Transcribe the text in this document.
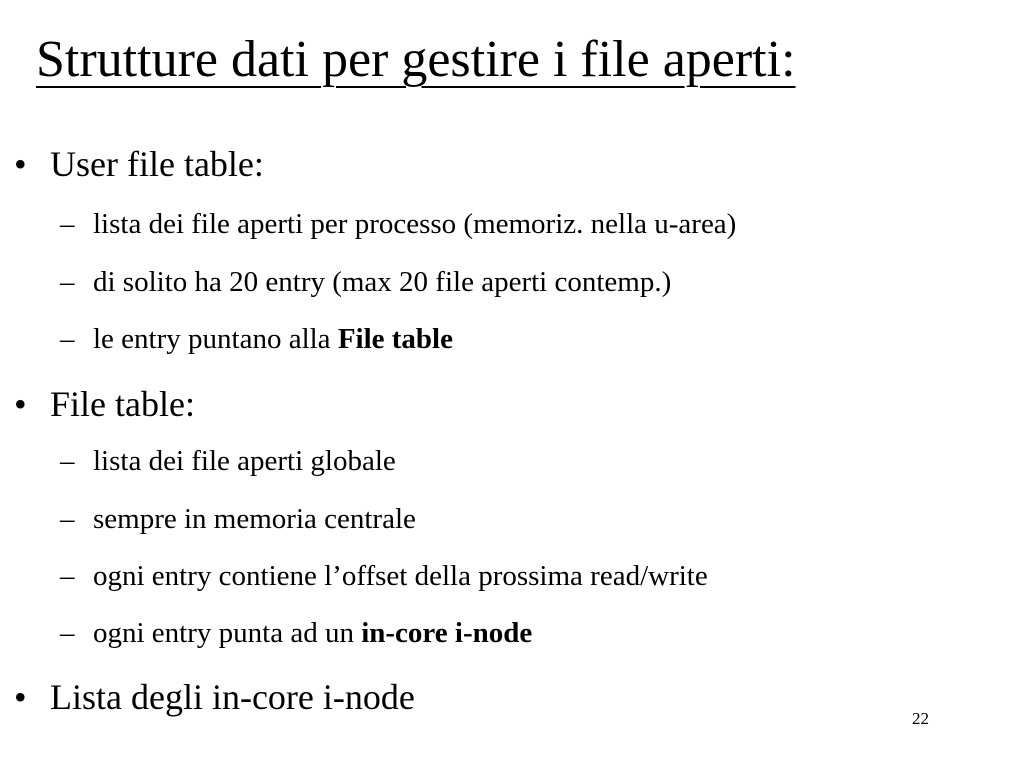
Strutture dati per gestire i file aperti:
• User file table:
– lista dei file aperti per processo (memoriz. nella u-area)
– di solito ha 20 entry (max 20 file aperti contemp.)
– le entry puntano alla File table
• File table:
– lista dei file aperti globale
– sempre in memoria centrale
– ogni entry contiene l’offset della prossima read/write
– ogni entry punta ad un in-core i-node
• Lista degli in-core i-node
22
